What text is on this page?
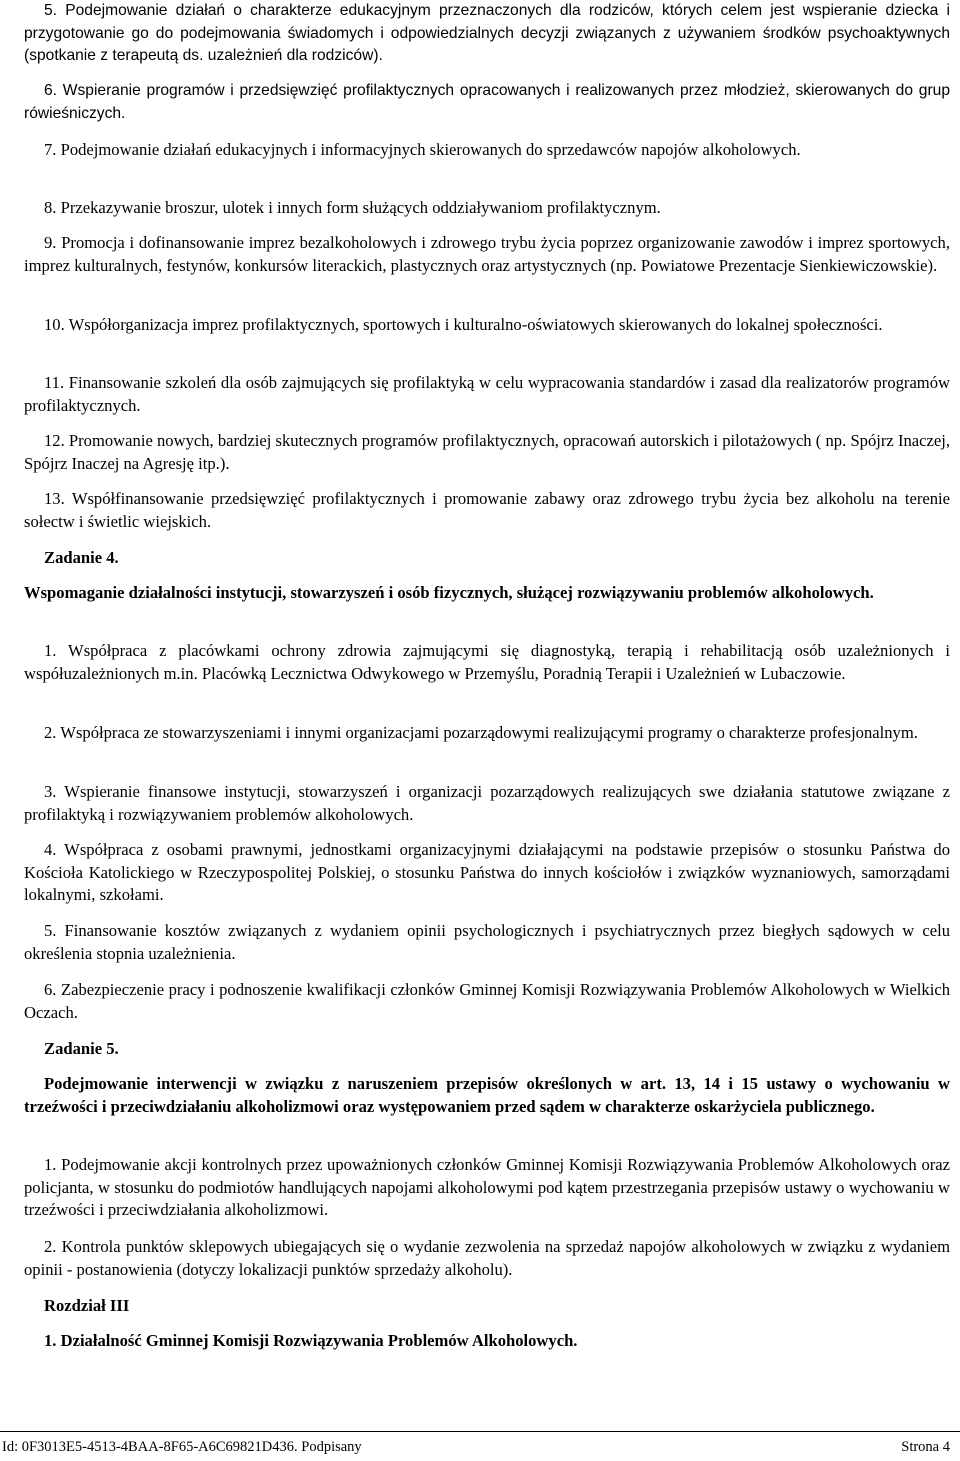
5. Podejmowanie działań o charakterze edukacyjnym przeznaczonych dla rodziców, których celem jest wspieranie dziecka i przygotowanie go do podejmowania świadomych i odpowiedzialnych decyzji związanych z używaniem środków psychoaktywnych (spotkanie z terapeutą ds. uzależnień dla rodziców).

6. Wspieranie programów i przedsięwzięć profilaktycznych opracowanych i realizowanych przez młodzież, skierowanych do grup rówieśniczych.

7. Podejmowanie działań edukacyjnych i informacyjnych skierowanych do sprzedawców napojów alkoholowych.

8. Przekazywanie broszur, ulotek i innych form służących oddziaływaniom profilaktycznym.

9. Promocja i dofinansowanie imprez bezalkoholowych i zdrowego trybu życia poprzez organizowanie zawodów i imprez sportowych, imprez kulturalnych, festynów, konkursów literackich, plastycznych oraz artystycznych (np. Powiatowe Prezentacje Sienkiewiczowskie).

10. Współorganizacja imprez profilaktycznych, sportowych i kulturalno-oświatowych skierowanych do lokalnej społeczności.

11. Finansowanie szkoleń dla osób zajmujących się profilaktyką w celu wypracowania standardów i zasad dla realizatorów programów profilaktycznych.

12. Promowanie nowych, bardziej skutecznych programów profilaktycznych, opracowań autorskich i pilotażowych ( np. Spójrz Inaczej, Spójrz Inaczej na Agresję itp.).

13. Współfinansowanie przedsięwzięć profilaktycznych i promowanie zabawy oraz zdrowego trybu życia bez alkoholu na terenie sołectw i świetlic wiejskich.

Zadanie 4.

Wspomaganie działalności instytucji, stowarzyszeń i osób fizycznych, służącej rozwiązywaniu problemów alkoholowych.

1. Współpraca z placówkami ochrony zdrowia zajmującymi się diagnostyką, terapią i rehabilitacją osób uzależnionych i współuzależnionych m.in. Placówką Lecznictwa Odwykowego w Przemyślu, Poradnią Terapii i Uzależnień w Lubaczowie.

2. Współpraca ze stowarzyszeniami i innymi organizacjami pozarządowymi realizującymi programy o charakterze profesjonalnym.

3. Wspieranie finansowe instytucji, stowarzyszeń i organizacji pozarządowych realizujących swe działania statutowe związane z profilaktyką i rozwiązywaniem problemów alkoholowych.

4. Współpraca z osobami prawnymi, jednostkami organizacyjnymi działającymi na podstawie przepisów o stosunku Państwa do Kościoła Katolickiego w Rzeczypospolitej Polskiej, o stosunku Państwa do innych kościołów i związków wyznaniowych, samorządami lokalnymi, szkołami.

5. Finansowanie kosztów związanych z wydaniem opinii psychologicznych i psychiatrycznych przez biegłych sądowych w celu określenia stopnia uzależnienia.

6. Zabezpieczenie pracy i podnoszenie kwalifikacji członków Gminnej Komisji Rozwiązywania Problemów Alkoholowych w Wielkich Oczach.

Zadanie 5.

Podejmowanie interwencji w związku z naruszeniem przepisów określonych w art. 13, 14 i 15 ustawy o wychowaniu w trzeźwości i przeciwdziałaniu alkoholizmowi oraz występowaniem przed sądem w charakterze oskarżyciela publicznego.

1. Podejmowanie akcji kontrolnych przez upoważnionych członków Gminnej Komisji Rozwiązywania Problemów Alkoholowych oraz policjanta, w stosunku do podmiotów handlujących napojami alkoholowymi pod kątem przestrzegania przepisów ustawy o wychowaniu w trzeźwości i przeciwdziałania alkoholizmowi.

2. Kontrola punktów sklepowych ubiegających się o wydanie zezwolenia na sprzedaż napojów alkoholowych w związku z wydaniem opinii - postanowienia (dotyczy lokalizacji punktów sprzedaży alkoholu).

Rozdział III

1. Działalność Gminnej Komisji Rozwiązywania Problemów Alkoholowych.

Id: 0F3013E5-4513-4BAA-8F65-A6C69821D436. Podpisany	Strona 4
